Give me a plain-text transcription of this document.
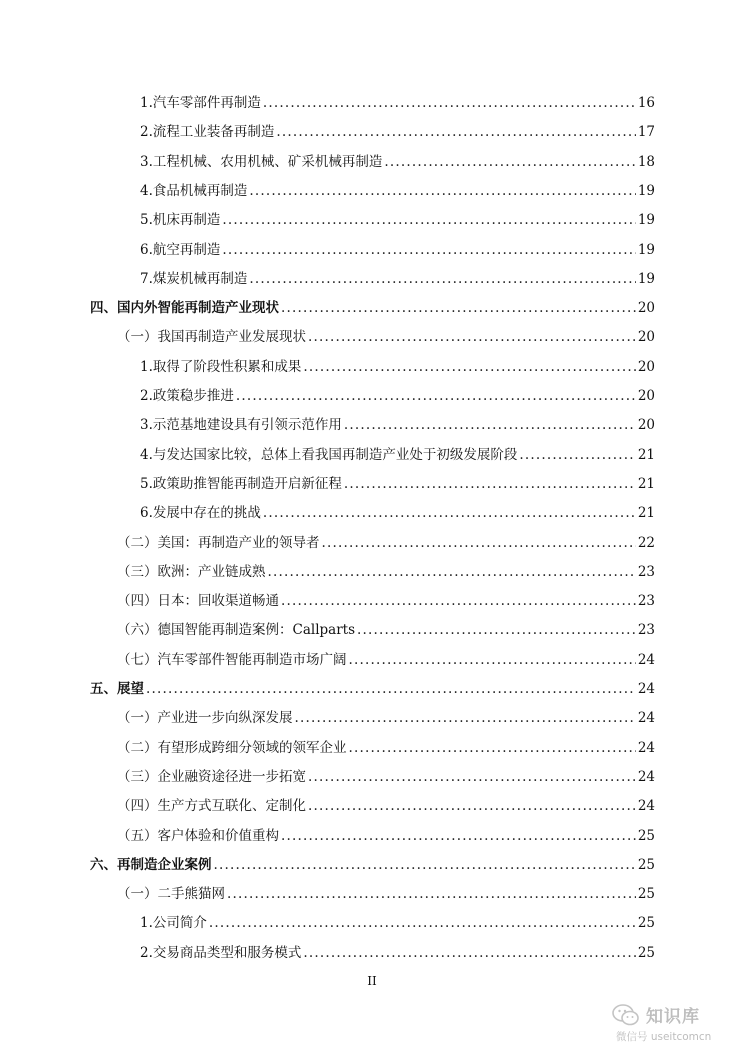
1. 汽车零部件再制造 .....	16
2. 流程工业装备再制造 .....	17
3. 工程机械、农用机械、矿采机械再制造 .....	18
4. 食品机械再制造 .....	19
5. 机床再制造 .....	19
6. 航空再制造 .....	19
7. 煤炭机械再制造 .....	19
四、国内外智能再制造产业现状 .....	20
（一）我国再制造产业发展现状 .....	20
1. 取得了阶段性积累和成果 .....	20
2. 政策稳步推进 .....	20
3. 示范基地建设具有引领示范作用 .....	20
4. 与发达国家比较，总体上看我国再制造产业处于初级发展阶段 .....	21
5. 政策助推智能再制造开启新征程 .....	21
6. 发展中存在的挑战 .....	21
（二）美国：再制造产业的领导者 .....	22
（三）欧洲：产业链成熟 .....	23
（四）日本：回收渠道畅通 .....	23
（六）德国智能再制造案例：Callparts .....	23
（七）汽车零部件智能再制造市场广阔 .....	24
五、展望 .....	24
（一）产业进一步向纵深发展 .....	24
（二）有望形成跨细分领域的领军企业 .....	24
（三）企业融资途径进一步拓宽 .....	24
（四）生产方式互联化、定制化 .....	24
（五）客户体验和价值重构 .....	25
六、再制造企业案例 .....	25
（一）二手熊猫网 .....	25
1. 公司简介 .....	25
2. 交易商品类型和服务模式 .....	25
II
知识库
微信号 useitcomcn
